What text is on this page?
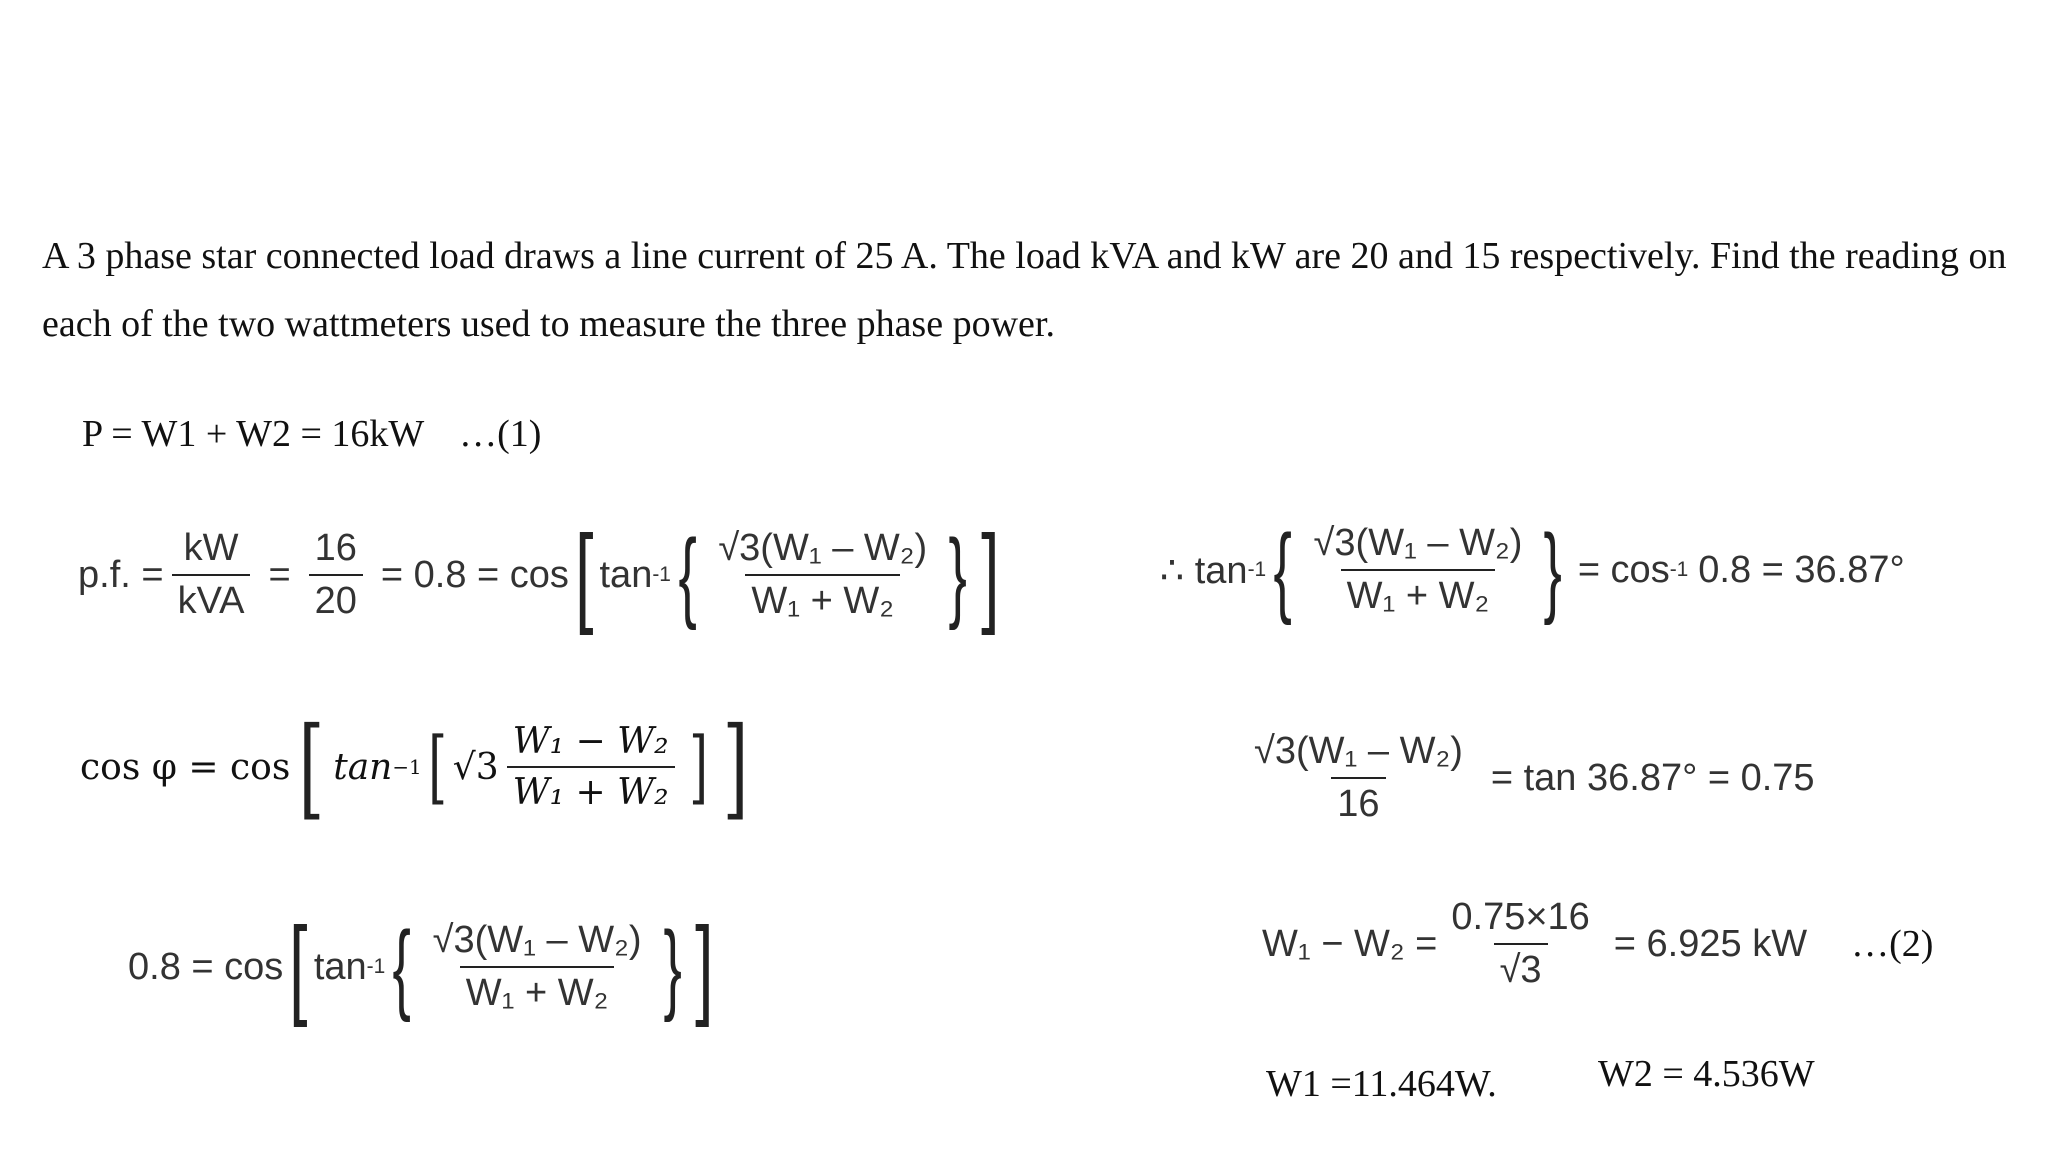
A 3 phase star connected load draws a line current of 25 A. The load kVA and kW are 20 and 15 respectively. Find the reading on each of the two wattmeters used to measure the three phase power.
P = W1 + W2 = 16kW …(1)
p.f. = $\frac{kW}{\text{kVA}} = \frac{16}{20} = 0.8 = \cos$ [ tan -1 { $\frac{\text{√3(W₁ – W₂)}}{\text{W₁ + W₂}}$ } ]	∴ tan -1 { $\frac{\text{√3(W₁ – W₂)}}{\text{W₁ + W₂}}$ } = cos -1 0.8 = 36.87°
cos φ = cos [ tan −1 [ $√3 \frac{\text{W₁ − W₂}}{\text{W₁ + W₂}}$ ] ]	$\frac{\text{√3(W₁ – W₂)}}{16} = \tan 36.87^\circ = 0.75$
0.8 = cos [ tan -1 { $\frac{\text{√3(W₁ – W₂)}}{\text{W₁ + W₂}}$ } ]	$W_1 - W_2 = \frac{0.75\times 16}{√3} = 6.925$ kW …(2)
W1 =11.464W.	W2 = 4.536W
